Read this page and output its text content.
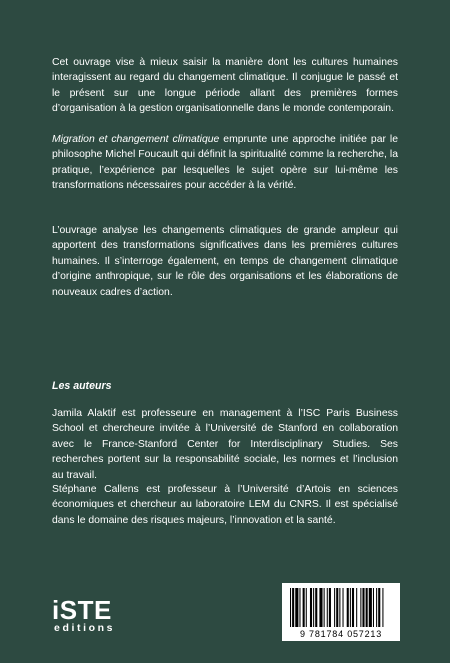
Cet ouvrage vise à mieux saisir la manière dont les cultures humaines interagissent au regard du changement climatique. Il conjugue le passé et le présent sur une longue période allant des premières formes d’organisation à la gestion organisationnelle dans le monde contemporain.

Migration et changement climatique emprunte une approche initiée par le philosophe Michel Foucault qui définit la spiritualité comme la recherche, la pratique, l’expérience par lesquelles le sujet opère sur lui-même les transformations nécessaires pour accéder à la vérité.

L’ouvrage analyse les changements climatiques de grande ampleur qui apportent des transformations significatives dans les premières cultures humaines. Il s’interroge également, en temps de changement climatique d’origine anthropique, sur le rôle des organisations et les élaborations de nouveaux cadres d’action.

Les auteurs

Jamila Alaktif est professeure en management à l’ISC Paris Business School et chercheure invitée à l’Université de Stanford en collaboration avec le France-Stanford Center for Interdisciplinary Studies. Ses recherches portent sur la responsabilité sociale, les normes et l’inclusion au travail.

Stéphane Callens est professeur à l’Université d’Artois en sciences économiques et chercheur au laboratoire LEM du CNRS. Il est spécialisé dans le domaine des risques majeurs, l’innovation et la santé.

iSTE
editions	9 781784 057213
